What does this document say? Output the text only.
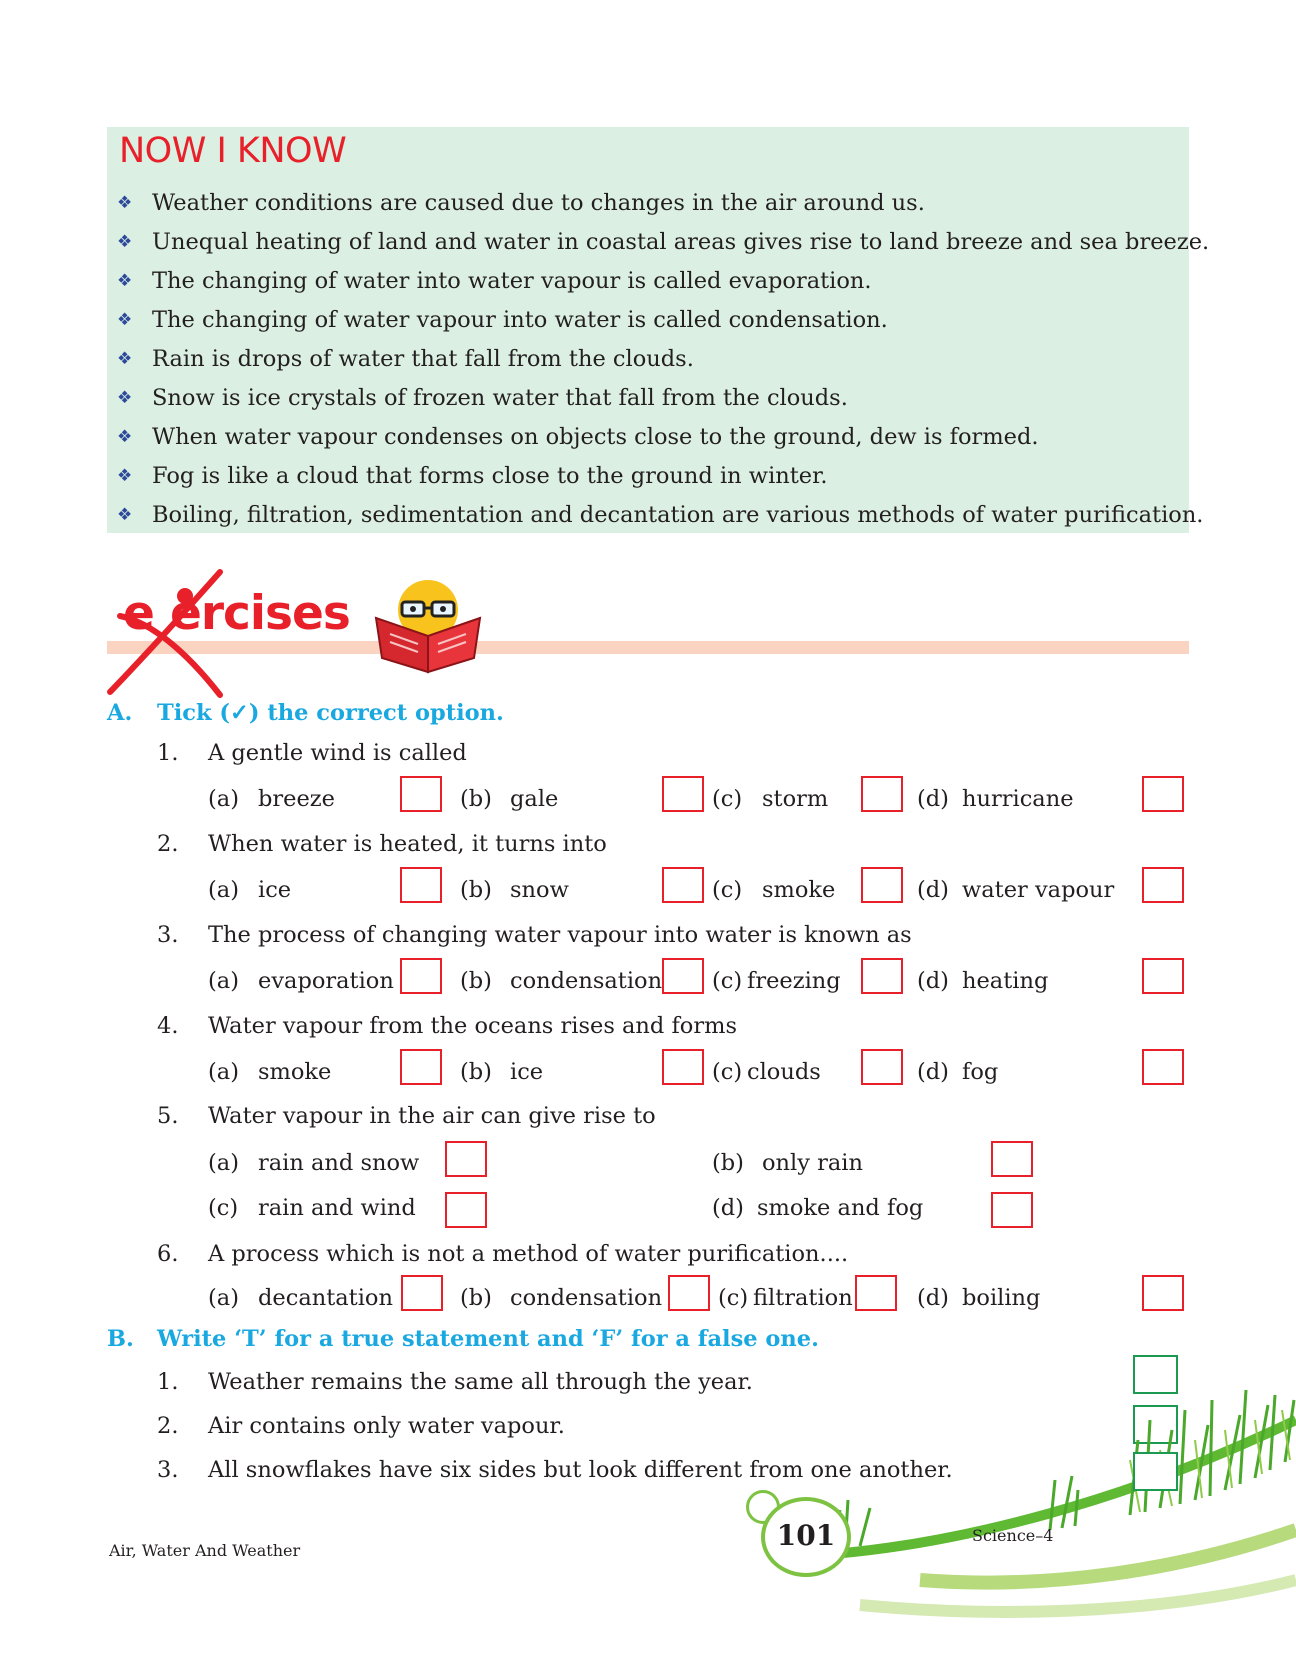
NOW I KNOW
❖ Weather conditions are caused due to changes in the air around us.
❖ Unequal heating of land and water in coastal areas gives rise to land breeze and sea breeze.
❖ The changing of water into water vapour is called evaporation.
❖ The changing of water vapour into water is called condensation.
❖ Rain is drops of water that fall from the clouds.
❖ Snow is ice crystals of frozen water that fall from the clouds.
❖ When water vapour condenses on objects close to the ground, dew is formed.
❖ Fog is like a cloud that forms close to the ground in winter.
❖ Boiling, filtration, sedimentation and decantation are various methods of water purification.
e ercises
A. Tick (✓) the correct option.
1. A gentle wind is called
(a) breeze	(b) gale	(c) storm	(d) hurricane
2. When water is heated, it turns into
(a) ice	(b) snow	(c) smoke	(d) water vapour
3. The process of changing water vapour into water is known as
(a) evaporation	(b) condensation (c) freezing	(d) heating
4. Water vapour from the oceans rises and forms
(a) smoke	(b) ice	(c) clouds	(d) fog
5. Water vapour in the air can give rise to
(a) rain and snow	(b) only rain
(c) rain and wind	(d) smoke and fog
6. A process which is not a method of water purification....
(a) decantation	(b) condensation (c) filtration	(d) boiling
B. Write ‘T’ for a true statement and ‘F’ for a false one.
1. Weather remains the same all through the year.
2. Air contains only water vapour.
3. All snowflakes have six sides but look different from one another.
Air, Water And Weather	101	Science–4
